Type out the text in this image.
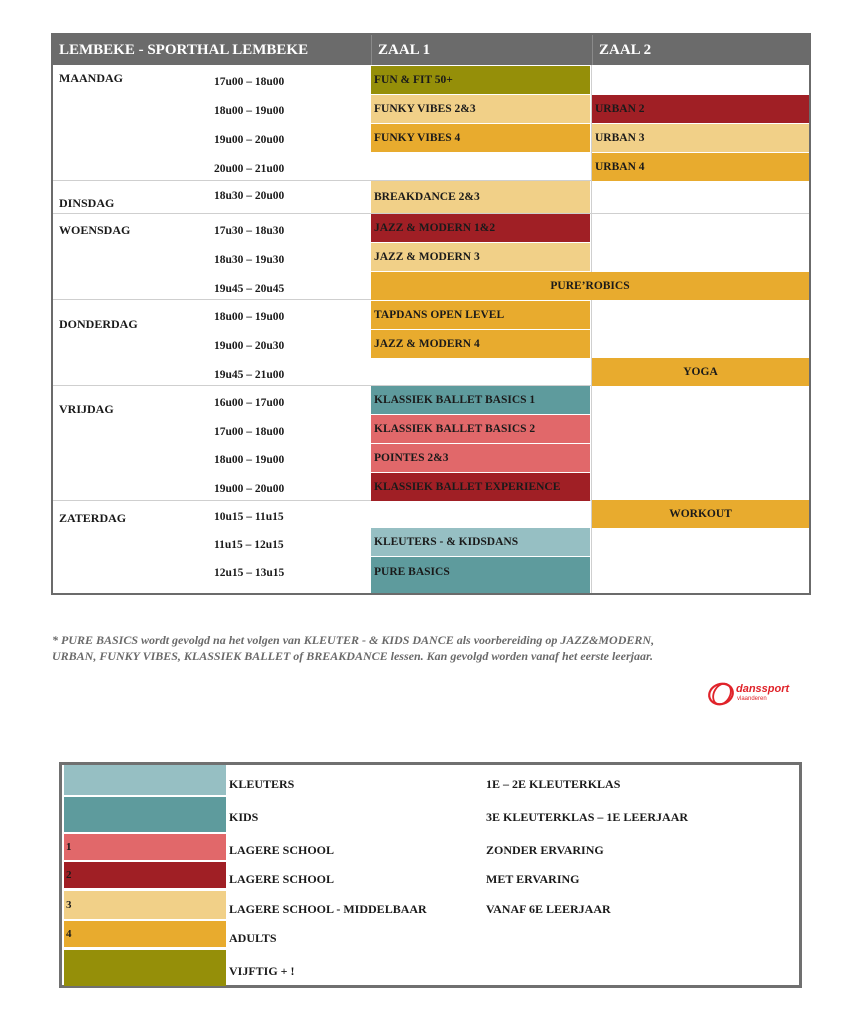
LEMBEKE - SPORTHAL LEMBEKE	ZAAL 1	ZAAL 2
MAANDAG
DINSDAG
WOENSDAG
DONDERDAG
VRIJDAG
ZATERDAG
17u00 – 18u00
18u00 – 19u00
19u00 – 20u00
20u00 – 21u00
18u30 – 20u00
17u30 – 18u30
18u30 – 19u30
19u45 – 20u45
18u00 – 19u00
19u00 – 20u30
19u45 – 21u00
16u00 – 17u00
17u00 – 18u00
18u00 – 19u00
19u00 – 20u00
10u15 – 11u15
11u15 – 12u15
12u15 – 13u15
FUN & FIT 50+
FUNKY VIBES 2&3
FUNKY VIBES 4
BREAKDANCE 2&3
JAZZ & MODERN 1&2
JAZZ & MODERN 3
PURE’ROBICS
TAPDANS OPEN LEVEL
JAZZ & MODERN 4
KLASSIEK BALLET BASICS 1
KLASSIEK BALLET BASICS 2
POINTES 2&3
KLASSIEK BALLET EXPERIENCE
KLEUTERS - & KIDSDANS
PURE BASICS
URBAN 2
URBAN 3
URBAN 4
YOGA
WORKOUT
* PURE BASICS wordt gevolgd na het volgen van KLEUTER - & KIDS DANCE als voorbereiding op JAZZ&MODERN, URBAN, FUNKY VIBES, KLASSIEK BALLET of BREAKDANCE lessen. Kan gevolgd worden vanaf het eerste leerjaar.
danssport
vlaanderen
1
2
3
4
KLEUTERS
KIDS
LAGERE SCHOOL
LAGERE SCHOOL
LAGERE SCHOOL - MIDDELBAAR
ADULTS
VIJFTIG + !
1E – 2E KLEUTERKLAS
3E KLEUTERKLAS – 1E LEERJAAR
ZONDER ERVARING
MET ERVARING
VANAF 6E LEERJAAR
